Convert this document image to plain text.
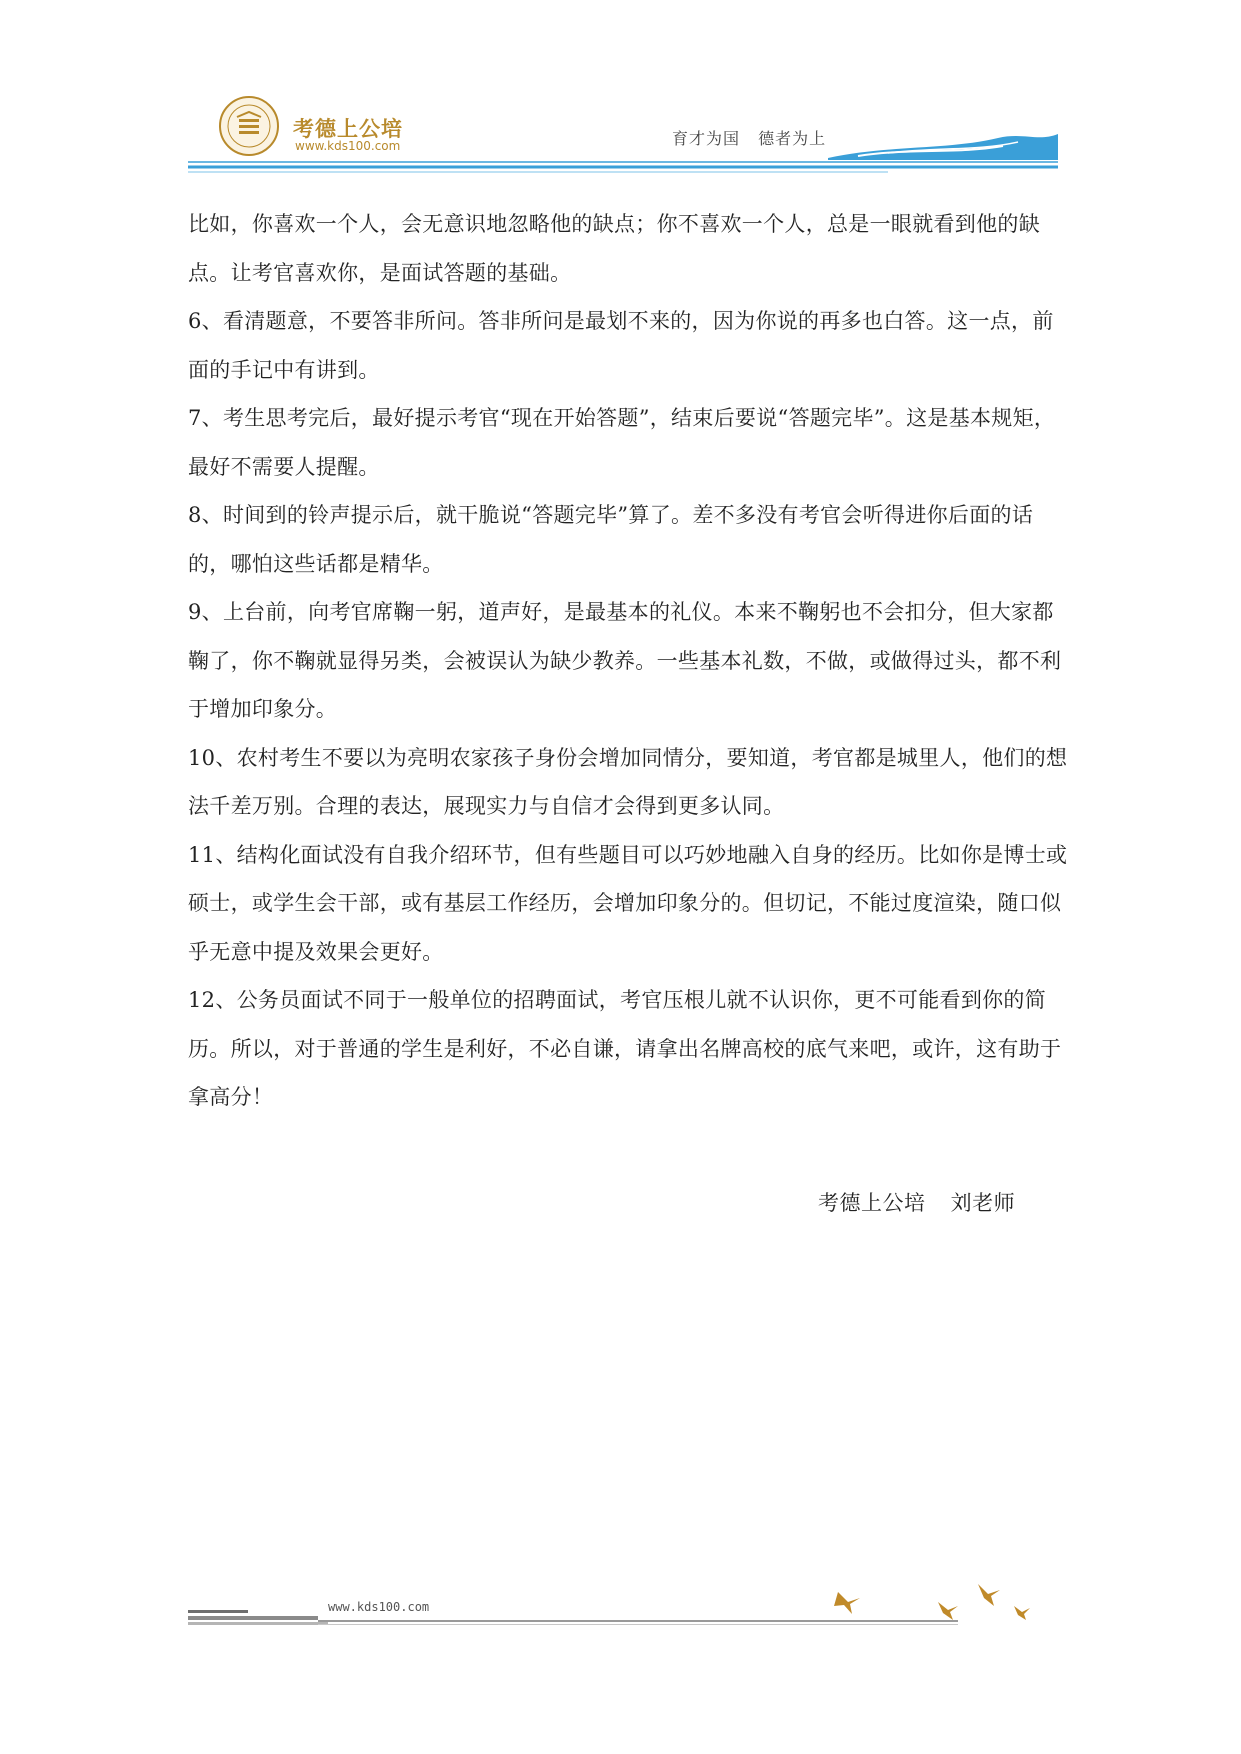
考德上公培
www.kds100.com	育才为国 德者为上

比如，你喜欢一个人，会无意识地忽略他的缺点；你不喜欢一个人，总是一眼就看到他的缺点。让考官喜欢你，是面试答题的基础。

6、看清题意，不要答非所问。答非所问是最划不来的，因为你说的再多也白答。这一点，前面的手记中有讲到。

7、考生思考完后，最好提示考官“现在开始答题”，结束后要说“答题完毕”。这是基本规矩，最好不需要人提醒。

8、时间到的铃声提示后，就干脆说“答题完毕”算了。差不多没有考官会听得进你后面的话的，哪怕这些话都是精华。

9、上台前，向考官席鞠一躬，道声好，是最基本的礼仪。本来不鞠躬也不会扣分，但大家都鞠了，你不鞠就显得另类，会被误认为缺少教养。一些基本礼数，不做，或做得过头，都不利于增加印象分。

10、农村考生不要以为亮明农家孩子身份会增加同情分，要知道，考官都是城里人，他们的想法千差万别。合理的表达，展现实力与自信才会得到更多认同。

11、结构化面试没有自我介绍环节，但有些题目可以巧妙地融入自身的经历。比如你是博士或硕士，或学生会干部，或有基层工作经历，会增加印象分的。但切记，不能过度渲染，随口似乎无意中提及效果会更好。

12、公务员面试不同于一般单位的招聘面试，考官压根儿就不认识你，更不可能看到你的简历。所以，对于普通的学生是利好，不必自谦，请拿出名牌高校的底气来吧，或许，这有助于拿高分！

考德上公培 刘老师
www.kds100.com
